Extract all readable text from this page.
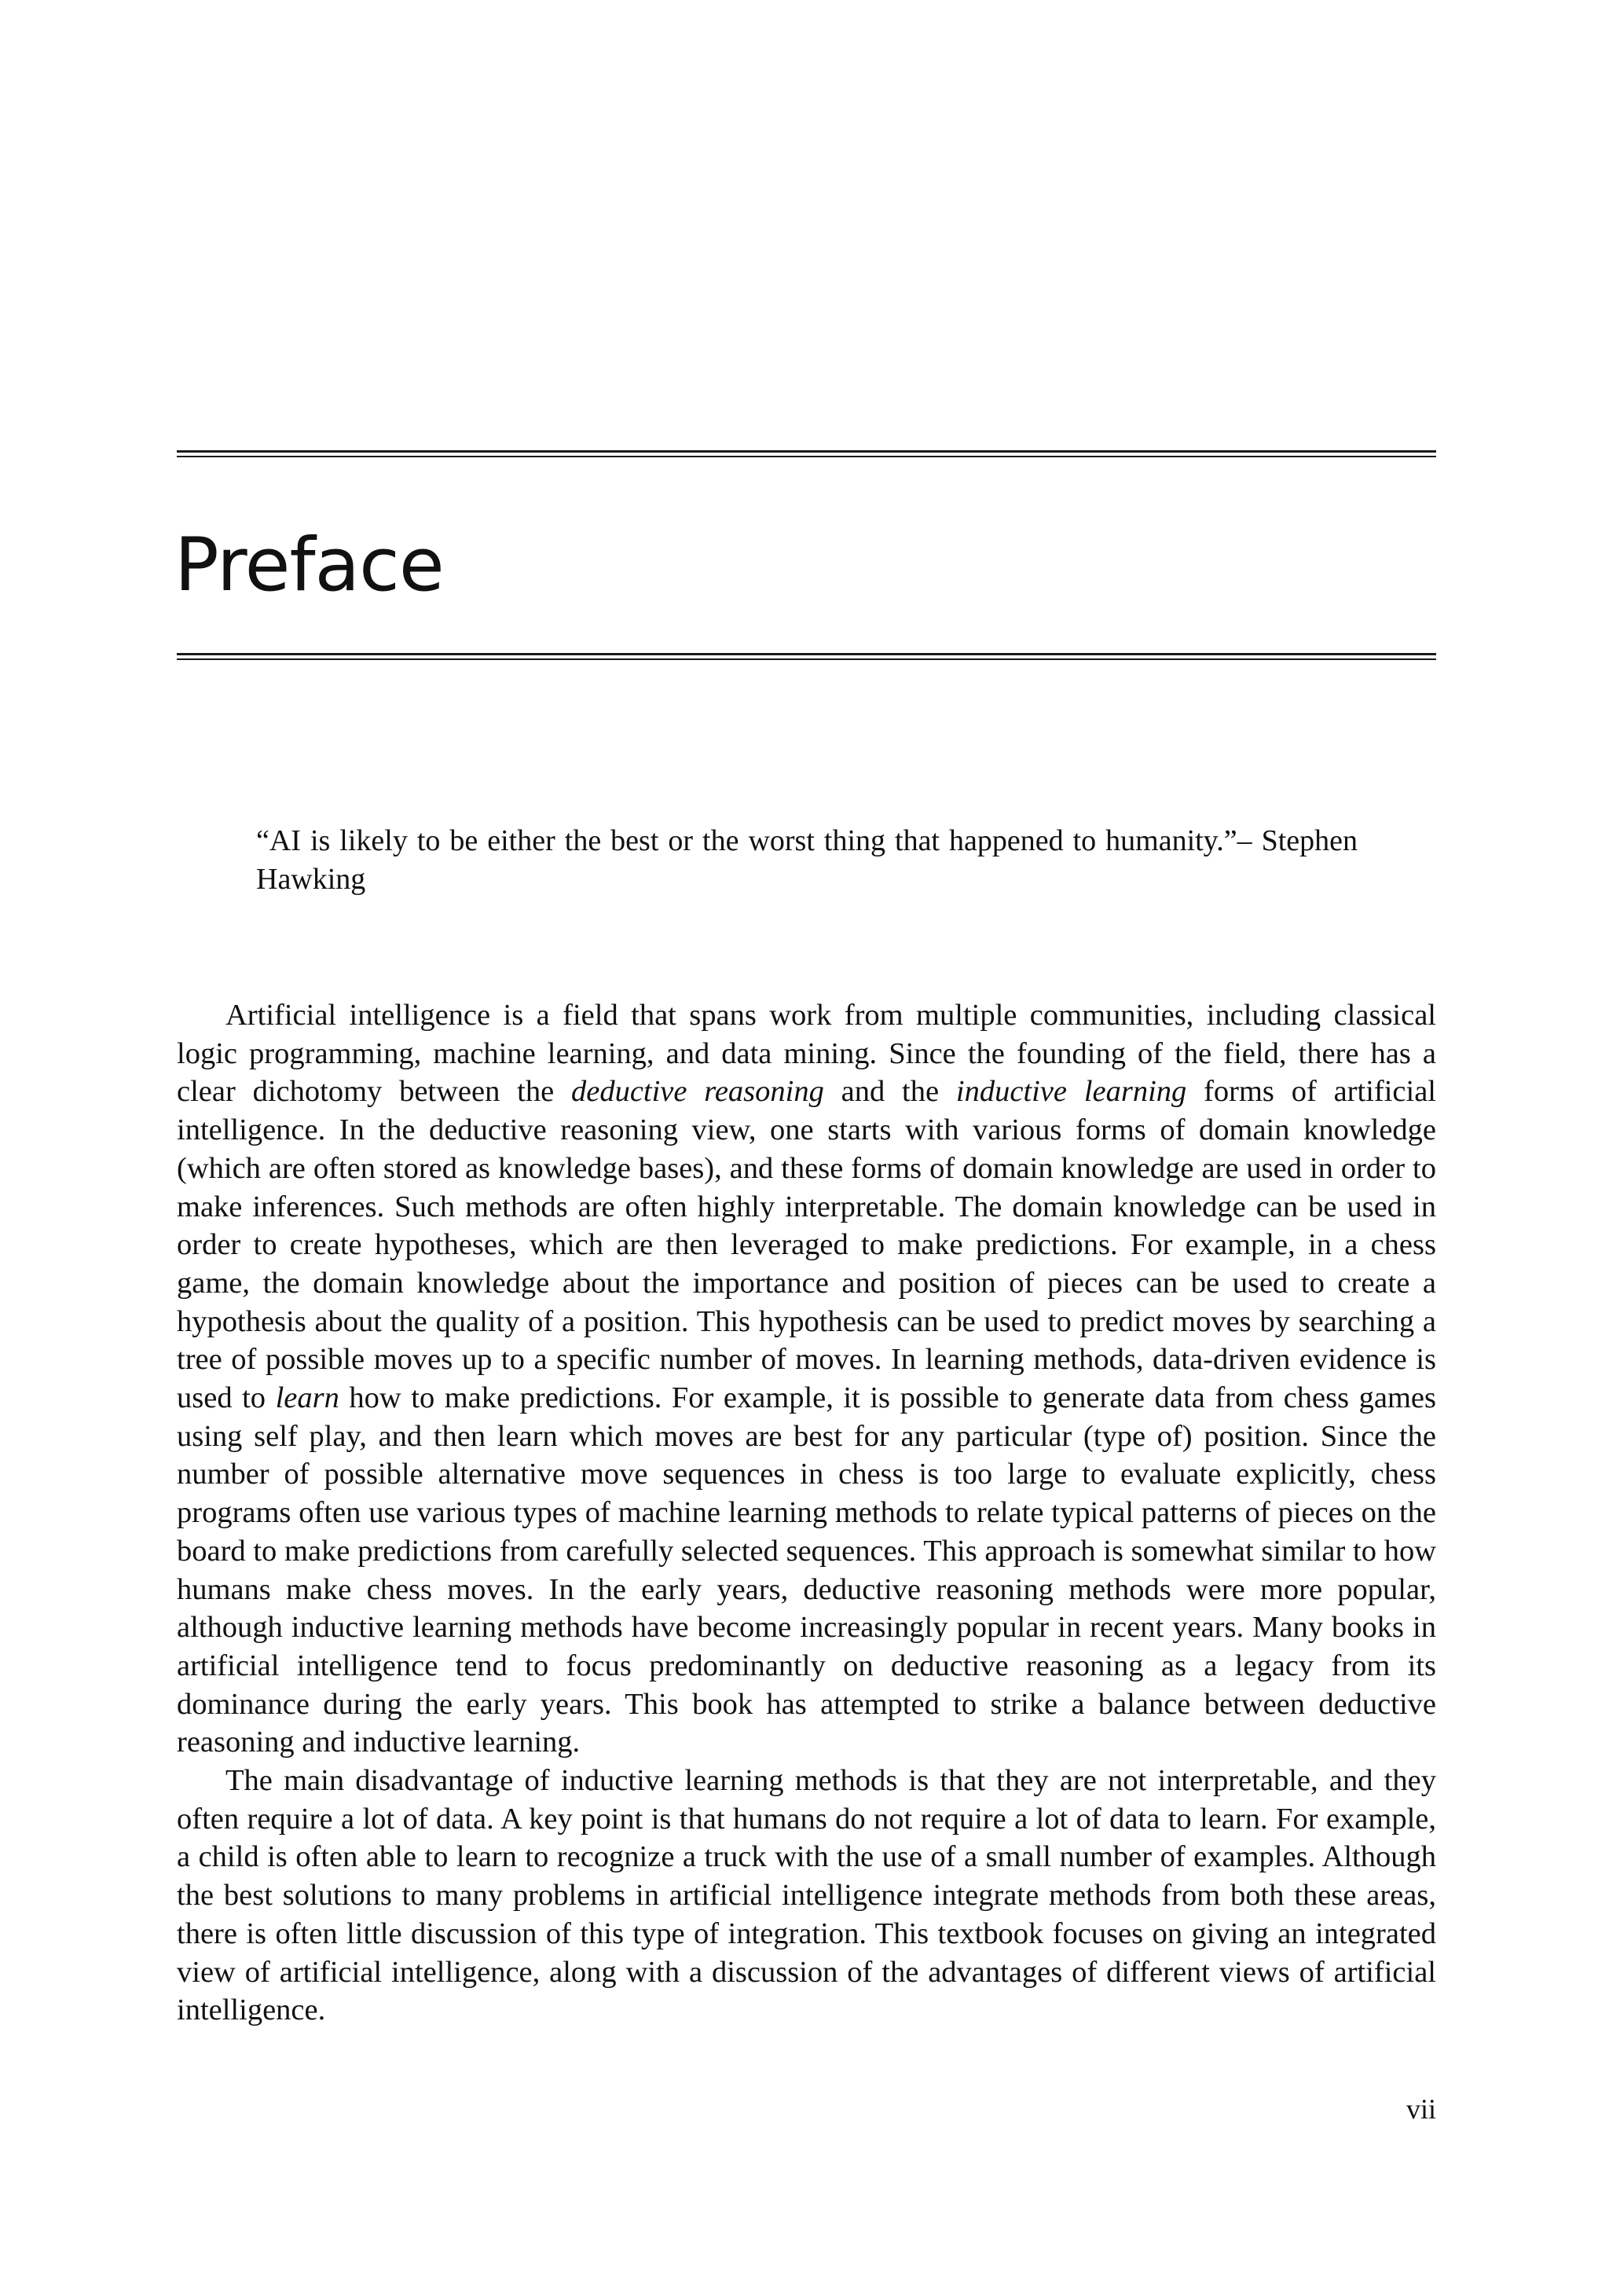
Preface

“AI is likely to be either the best or the worst thing that happened to humanity.”– Stephen Hawking

Artificial intelligence is a field that spans work from multiple communities, including classical logic programming, machine learning, and data mining. Since the founding of the field, there has a clear dichotomy between the deductive reasoning and the inductive learning forms of artificial intelligence. In the deductive reasoning view, one starts with various forms of domain knowledge (which are often stored as knowledge bases), and these forms of domain knowledge are used in order to make inferences. Such methods are often highly interpretable. The domain knowledge can be used in order to create hypotheses, which are then leveraged to make predictions. For example, in a chess game, the domain knowledge about the importance and position of pieces can be used to create a hypothesis about the quality of a position. This hypothesis can be used to predict moves by searching a tree of possible moves up to a specific number of moves. In learning methods, data-driven evidence is used to learn how to make predictions. For example, it is possible to generate data from chess games using self play, and then learn which moves are best for any particular (type of) position. Since the number of possible alternative move sequences in chess is too large to evaluate explicitly, chess programs often use various types of machine learning methods to relate typical patterns of pieces on the board to make predictions from carefully selected sequences. This approach is somewhat similar to how humans make chess moves. In the early years, deductive reasoning methods were more popular, although inductive learning methods have become increasingly popular in recent years. Many books in artificial intelligence tend to focus predominantly on deductive reasoning as a legacy from its dominance during the early years. This book has attempted to strike a balance between deductive reasoning and inductive learning.

The main disadvantage of inductive learning methods is that they are not interpretable, and they often require a lot of data. A key point is that humans do not require a lot of data to learn. For example, a child is often able to learn to recognize a truck with the use of a small number of examples. Although the best solutions to many problems in artificial intelligence integrate methods from both these areas, there is often little discussion of this type of integration. This textbook focuses on giving an integrated view of artificial intelligence, along with a discussion of the advantages of different views of artificial intelligence.

vii
